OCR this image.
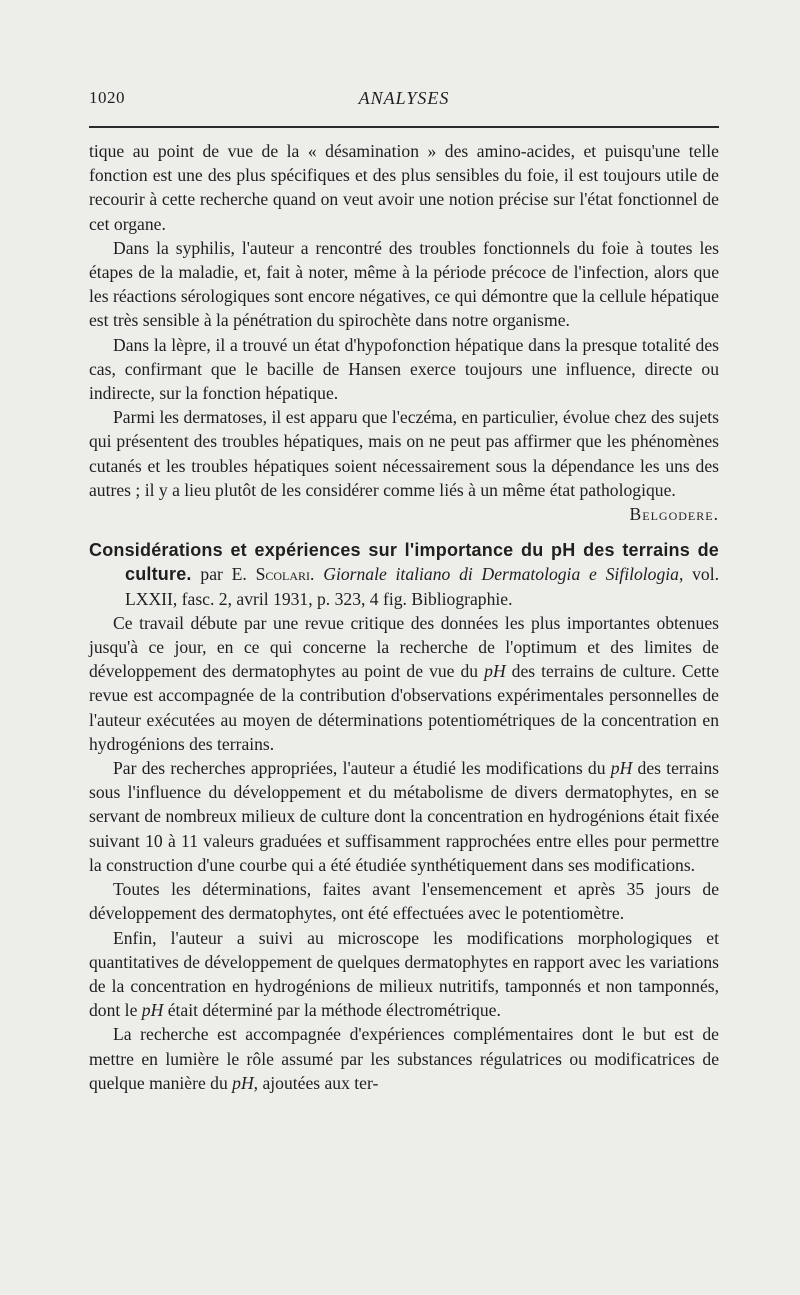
1020	ANALYSES

tique au point de vue de la « désamination » des amino-acides, et puisqu'une telle fonction est une des plus spécifiques et des plus sensibles du foie, il est toujours utile de recourir à cette recherche quand on veut avoir une notion précise sur l'état fonctionnel de cet organe.

Dans la syphilis, l'auteur a rencontré des troubles fonctionnels du foie à toutes les étapes de la maladie, et, fait à noter, même à la période précoce de l'infection, alors que les réactions sérologiques sont encore négatives, ce qui démontre que la cellule hépatique est très sensible à la pénétration du spirochète dans notre organisme.

Dans la lèpre, il a trouvé un état d'hypofonction hépatique dans la presque totalité des cas, confirmant que le bacille de Hansen exerce toujours une influence, directe ou indirecte, sur la fonction hépatique.

Parmi les dermatoses, il est apparu que l'eczéma, en particulier, évolue chez des sujets qui présentent des troubles hépatiques, mais on ne peut pas affirmer que les phénomènes cutanés et les troubles hépatiques soient nécessairement sous la dépendance les uns des autres ; il y a lieu plutôt de les considérer comme liés à un même état pathologique.

Belgodere.

Considérations et expériences sur l'importance du pH des terrains de culture. par E. Scolari. Giornale italiano di Dermatologia e Sifilologia, vol. LXXII, fasc. 2, avril 1931, p. 323, 4 fig. Bibliographie.

Ce travail débute par une revue critique des données les plus importantes obtenues jusqu'à ce jour, en ce qui concerne la recherche de l'optimum et des limites de développement des dermatophytes au point de vue du pH des terrains de culture. Cette revue est accompagnée de la contribution d'observations expérimentales personnelles de l'auteur exécutées au moyen de déterminations potentiométriques de la concentration en hydrogénions des terrains.

Par des recherches appropriées, l'auteur a étudié les modifications du pH des terrains sous l'influence du développement et du métabolisme de divers dermatophytes, en se servant de nombreux milieux de culture dont la concentration en hydrogénions était fixée suivant 10 à 11 valeurs graduées et suffisamment rapprochées entre elles pour permettre la construction d'une courbe qui a été étudiée synthétiquement dans ses modifications.

Toutes les déterminations, faites avant l'ensemencement et après 35 jours de développement des dermatophytes, ont été effectuées avec le potentiomètre.

Enfin, l'auteur a suivi au microscope les modifications morphologiques et quantitatives de développement de quelques dermatophytes en rapport avec les variations de la concentration en hydrogénions de milieux nutritifs, tamponnés et non tamponnés, dont le pH était déterminé par la méthode électrométrique.

La recherche est accompagnée d'expériences complémentaires dont le but est de mettre en lumière le rôle assumé par les substances régulatrices ou modificatrices de quelque manière du pH, ajoutées aux ter-
